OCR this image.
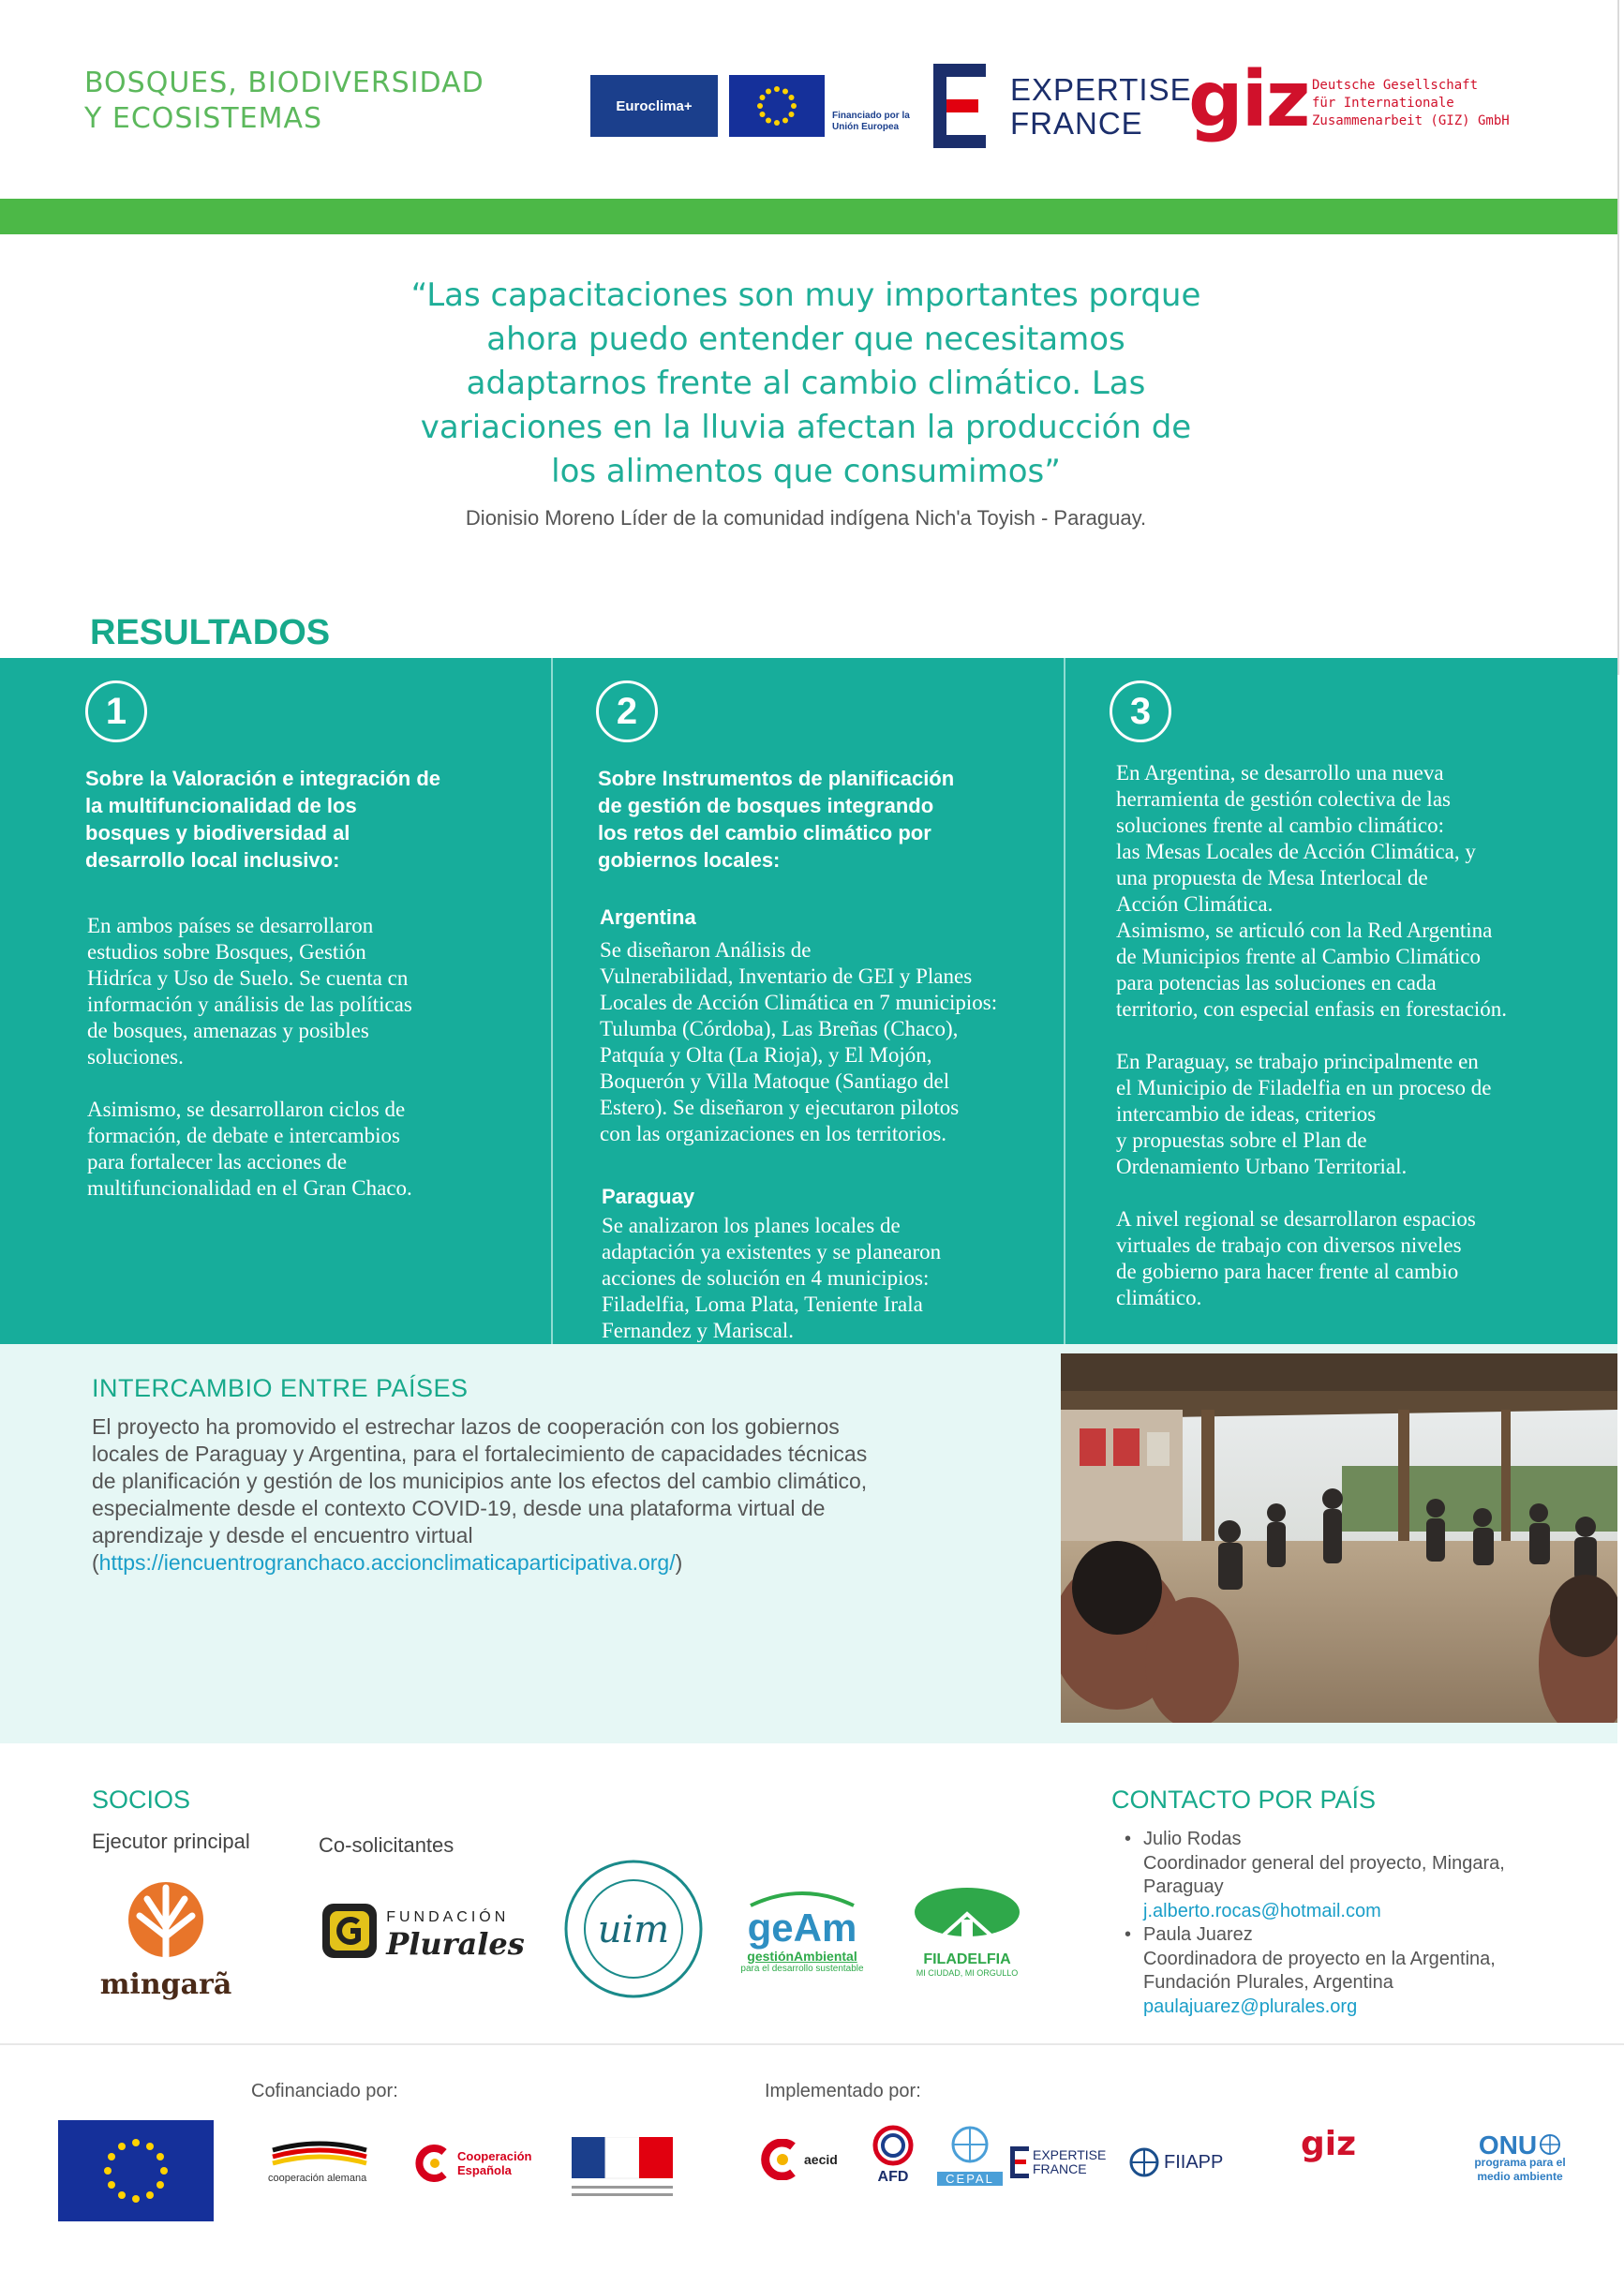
BOSQUES, BIODIVERSIDAD
Y ECOSISTEMAS	Euroclima+
Financiado por la Unión Europea
EXPERTISE
FRANCE giz Deutsche Gesellschaft
für Internationale
Zusammenarbeit (GIZ) GmbH
“Las capacitaciones son muy importantes porque
ahora puedo entender que necesitamos
adaptarnos frente al cambio climático. Las
variaciones en la lluvia afectan la producción de
los alimentos que consumimos”
Dionisio Moreno Líder de la comunidad indígena Nich'a Toyish - Paraguay.
RESULTADOS
1
Sobre la Valoración e integración de
la multifuncionalidad de los
bosques y biodiversidad al
desarrollo local inclusivo:
En ambos países se desarrollaron
estudios sobre Bosques, Gestión
Hidríca y Uso de Suelo. Se cuenta cn
información y análisis de las políticas
de bosques, amenazas y posibles
soluciones.
Asimismo, se desarrollaron ciclos de
formación, de debate e intercambios
para fortalecer las acciones de
multifuncionalidad en el Gran Chaco.
2
Sobre Instrumentos de planificación
de gestión de bosques integrando
los retos del cambio climático por
gobiernos locales:
Argentina
Se diseñaron Análisis de
Vulnerabilidad, Inventario de GEI y Planes
Locales de Acción Climática en 7 municipios:
Tulumba (Córdoba), Las Breñas (Chaco),
Patquía y Olta (La Rioja), y El Mojón,
Boquerón y Villa Matoque (Santiago del
Estero). Se diseñaron y ejecutaron pilotos
con las organizaciones en los territorios.
Paraguay
Se analizaron los planes locales de
adaptación ya existentes y se planearon
acciones de solución en 4 municipios:
Filadelfia, Loma Plata, Teniente Irala
Fernandez y Mariscal.
3
En Argentina, se desarrollo una nueva
herramienta de gestión colectiva de las
soluciones frente al cambio climático:
las Mesas Locales de Acción Climática, y
una propuesta de Mesa Interlocal de
Acción Climática.
Asimismo, se articuló con la Red Argentina
de Municipios frente al Cambio Climático
para potencias las soluciones en cada
territorio, con especial enfasis en forestación.
En Paraguay, se trabajo principalmente en
el Municipio de Filadelfia en un proceso de
intercambio de ideas, criterios
y propuestas sobre el Plan de
Ordenamiento Urbano Territorial.
A nivel regional se desarrollaron espacios
virtuales de trabajo con diversos niveles
de gobierno para hacer frente al cambio
climático.
INTERCAMBIO ENTRE PAÍSES
El proyecto ha promovido el estrechar lazos de cooperación con los gobiernos
locales de Paraguay y Argentina, para el fortalecimiento de capacidades técnicas
de planificación y gestión de los municipios ante los efectos del cambio climático,
especialmente desde el contexto COVID-19, desde una plataforma virtual de
aprendizaje y desde el encuentro virtual
(https://iencuentrogranchaco.accionclimaticaparticipativa.org/)
SOCIOS
Ejecutor principal	Co-solicitantes
mingarã
FUNDACIÓN
Plurales uim geAm
gestiónAmbiental
para el desarrollo sustentable
FILADELFIA
MI CIUDAD, MI ORGULLO
CONTACTO POR PAÍS
• Julio Rodas
Coordinador general del proyecto, Mingara,
Paraguay
j.alberto.rocas@hotmail.com
• Paula Juarez
Coordinadora de proyecto en la Argentina,
Fundación Plurales, Argentina
paulajuarez@plurales.org
Cofinanciado por:	Implementado por:
cooperación alemana
Cooperación Española
aecid
AFD	CEPAL
EXPERTISE
FRANCE	FIIAPP giz	ONU
programa para el medio ambiente
